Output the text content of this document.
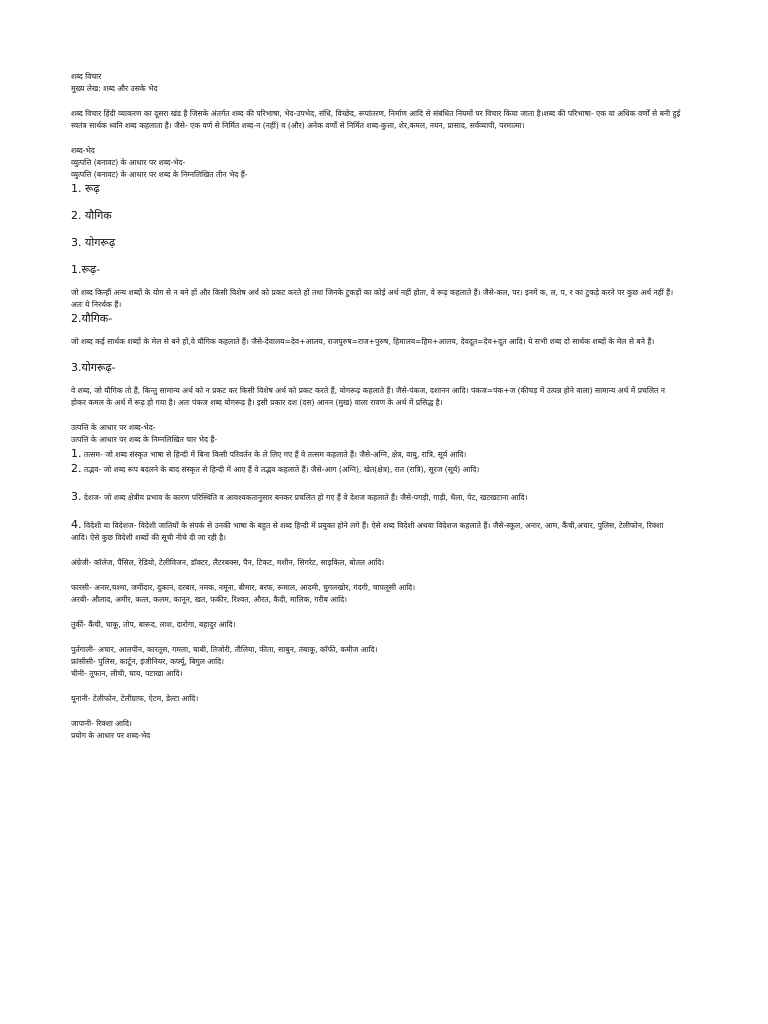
शब्द विचार

मुख्य लेख: शब्द और उसके भेद

शब्द विचार हिंदी व्याकरण का दूसरा खंड है जिसके अंतर्गत शब्द की परिभाषा, भेद-उपभेद, संधि, विच्छेद, रूपांतरण, निर्माण आदि से संबंधित नियमों पर विचार किया जाता है।शब्द की परिभाषा- एक या अधिक वर्णों से बनी हुई स्वतंत्र सार्थक ध्वनि शब्द कहलाता है। जैसे- एक वर्ण से निर्मित शब्द-न (नहीं) व (और) अनेक वर्णों से निर्मित शब्द-कुत्ता, शेर,कमल, नयन, प्रासाद, सर्वव्यापी, परमात्मा।

शब्द-भेद

व्युत्पत्ति (बनावट) के आधार पर शब्द-भेद-

व्युत्पत्ति (बनावट) के आधार पर शब्द के निम्नलिखित तीन भेद हैं-

1. रूढ़

2. यौगिक

3. योगरूढ़

1.रूढ़-

जो शब्द किन्हीं अन्य शब्दों के योग से न बने हों और किसी विशेष अर्थ को प्रकट करते हों तथा जिनके टुकड़ों का कोई अर्थ नहीं होता, वे रूढ़ कहलाते हैं। जैसे-कल, पर। इनमें क, ल, प, र का टुकड़े करने पर कुछ अर्थ नहीं हैं। अतः ये निरर्थक हैं।

2.यौगिक-

जो शब्द कई सार्थक शब्दों के मेल से बने हों,वे यौगिक कहलाते हैं। जैसे-देवालय=देव+आलय, राजपुरुष=राज+पुरुष, हिमालय=हिम+आलय, देवदूत=देव+दूत आदि। ये सभी शब्द दो सार्थक शब्दों के मेल से बने हैं।

3.योगरूढ़-

वे शब्द, जो यौगिक तो हैं, किन्तु सामान्य अर्थ को न प्रकट कर किसी विशेष अर्थ को प्रकट करते हैं, योगरूढ़ कहलाते हैं। जैसे-पंकज, दशानन आदि। पंकज=पंक+ज (कीचड़ में उत्पन्न होने वाला) सामान्य अर्थ में प्रचलित न होकर कमल के अर्थ में रूढ़ हो गया है। अतः पंकज शब्द योगरूढ़ है। इसी प्रकार दश (दस) आनन (मुख) वाला रावण के अर्थ में प्रसिद्ध है।

उत्पत्ति के आधार पर शब्द-भेद-

उत्पत्ति के आधार पर शब्द के निम्नलिखित चार भेद हैं-

1. तत्सम- जो शब्द संस्कृत भाषा से हिन्दी में बिना किसी परिवर्तन के ले लिए गए हैं वे तत्सम कहलाते हैं। जैसे-अग्नि, क्षेत्र, वायु, रात्रि, सूर्य आदि।

2. तद्भव- जो शब्द रूप बदलने के बाद संस्कृत से हिन्दी में आए हैं वे तद्भव कहलाते हैं। जैसे-आग (अग्नि), खेत(क्षेत्र), रात (रात्रि), सूरज (सूर्य) आदि।

3. देशज- जो शब्द क्षेत्रीय प्रभाव के कारण परिस्थिति व आवश्यकतानुसार बनकर प्रचलित हो गए हैं वे देशज कहलाते हैं। जैसे-पगड़ी, गाड़ी, थैला, पेट, खटखटाना आदि।

4. विदेशी या विदेशज- विदेशी जातियों के संपर्क से उनकी भाषा के बहुत से शब्द हिन्दी में प्रयुक्त होने लगे हैं। ऐसे शब्द विदेशी अथवा विदेशज कहलाते हैं। जैसे-स्कूल, अनार, आम, कैंची,अचार, पुलिस, टेलीफोन, रिक्शा आदि। ऐसे कुछ विदेशी शब्दों की सूची नीचे दी जा रही है।

अंग्रेजी- कॉलेज, पैंसिल, रेडियो, टेलीविजन, डॉक्टर, लैटरबक्स, पैन, टिकट, मशीन, सिगरेट, साइकिल, बोतल आदि।

फारसी- अनार,चश्मा, जमींदार, दुकान, दरबार, नमक, नमूना, बीमार, बरफ, रूमाल, आदमी, चुगलखोर, गंदगी, चापलूसी आदि।

अरबी- औलाद, अमीर, कत्ल, कलम, कानून, खत, फकीर, रिश्वत, औरत, कैदी, मालिक, गरीब आदि।

तुर्की- कैंची, चाकू, तोप, बारूद, लाश, दारोगा, बहादुर आदि।

पुर्तगाली- अचार, आलपीन, कारतूस, गमला, चाबी, तिजोरी, तौलिया, फीता, साबुन, तंबाकू, कॉफी, कमीज आदि।

फ्रांसीसी- पुलिस, कार्टून, इंजीनियर, कर्फ्यू, बिगुल आदि।

चीनी- तूफान, लीची, चाय, पटाखा आदि।

यूनानी- टेलीफोन, टेलीग्राफ, ऐटम, डेल्टा आदि।

जापानी- रिक्शा आदि।

प्रयोग के आधार पर शब्द-भेद
